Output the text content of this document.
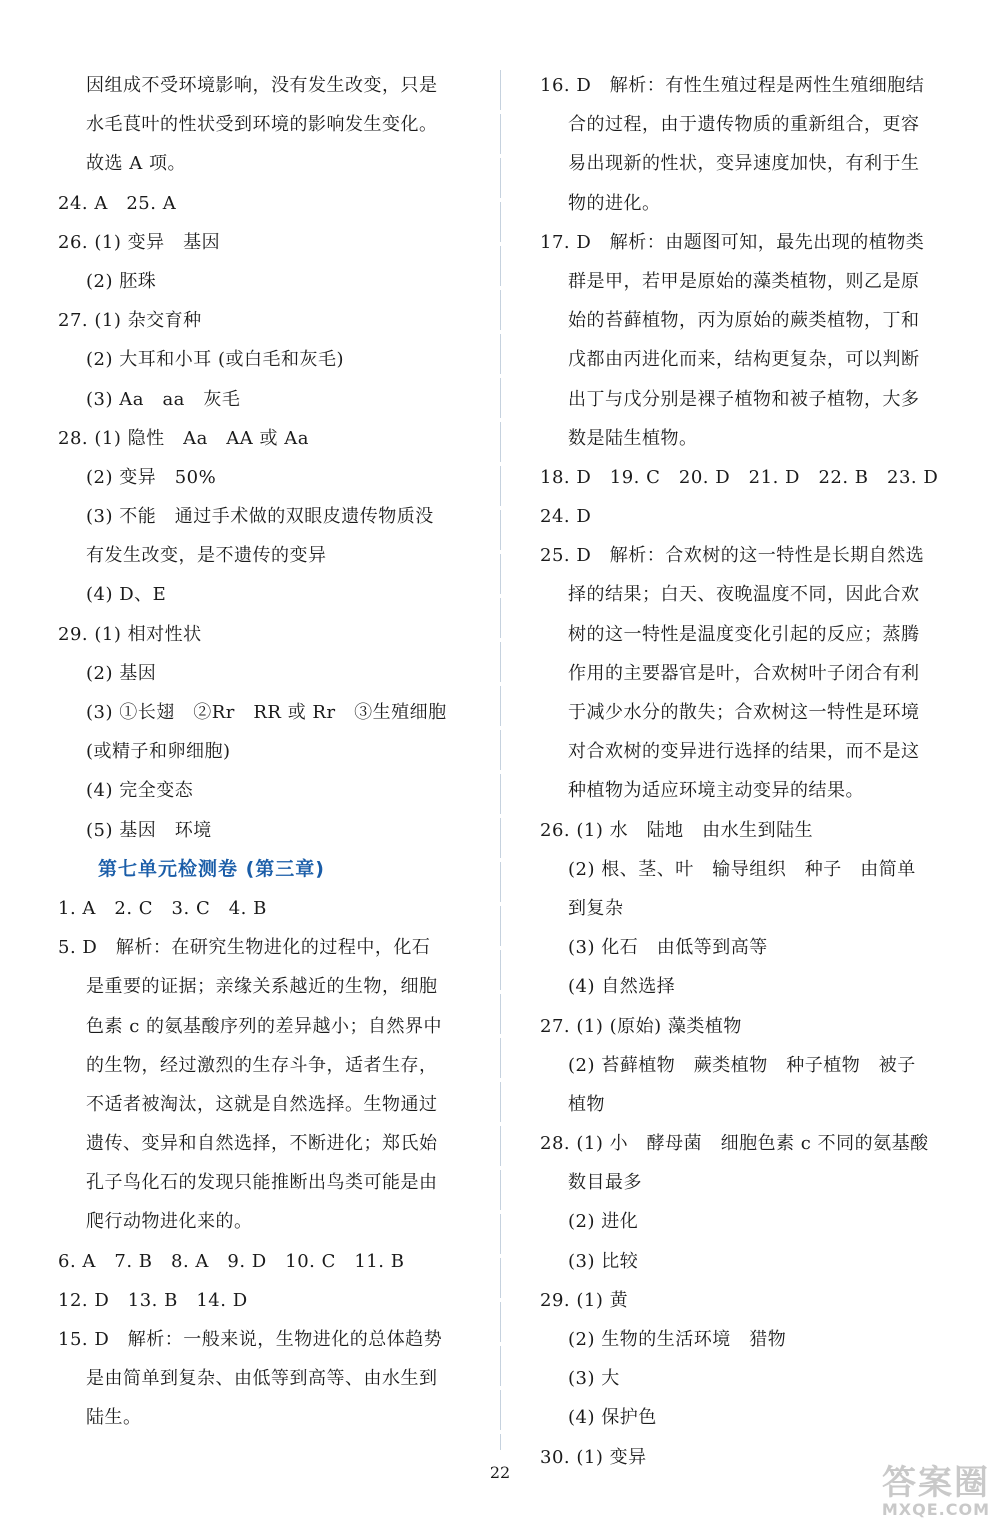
因组成不受环境影响，没有发生改变，只是
水毛茛叶的性状受到环境的影响发生变化。
故选 A 项。
24. A　25. A
26. (1) 变异　基因
(2) 胚珠
27. (1) 杂交育种
(2) 大耳和小耳 (或白毛和灰毛)
(3) Aa　aa　灰毛
28. (1) 隐性　Aa　AA 或 Aa
(2) 变异　50%
(3) 不能　通过手术做的双眼皮遗传物质没
有发生改变，是不遗传的变异
(4) D、E
29. (1) 相对性状
(2) 基因
(3) ①长翅　②Rr　RR 或 Rr　③生殖细胞
(或精子和卵细胞)
(4) 完全变态
(5) 基因　环境
第七单元检测卷 (第三章)
1. A　2. C　3. C　4. B
5. D　解析：在研究生物进化的过程中，化石
是重要的证据；亲缘关系越近的生物，细胞
色素 c 的氨基酸序列的差异越小；自然界中
的生物，经过激烈的生存斗争，适者生存，
不适者被淘汰，这就是自然选择。生物通过
遗传、变异和自然选择，不断进化；郑氏始
孔子鸟化石的发现只能推断出鸟类可能是由
爬行动物进化来的。
6. A　7. B　8. A　9. D　10. C　11. B
12. D　13. B　14. D
15. D　解析：一般来说，生物进化的总体趋势
是由简单到复杂、由低等到高等、由水生到
陆生。
16. D　解析：有性生殖过程是两性生殖细胞结
合的过程，由于遗传物质的重新组合，更容
易出现新的性状，变异速度加快，有利于生
物的进化。
17. D　解析：由题图可知，最先出现的植物类
群是甲，若甲是原始的藻类植物，则乙是原
始的苔藓植物，丙为原始的蕨类植物，丁和
戊都由丙进化而来，结构更复杂，可以判断
出丁与戊分别是裸子植物和被子植物，大多
数是陆生植物。
18. D　19. C　20. D　21. D　22. B　23. D
24. D
25. D　解析：合欢树的这一特性是长期自然选
择的结果；白天、夜晚温度不同，因此合欢
树的这一特性是温度变化引起的反应；蒸腾
作用的主要器官是叶，合欢树叶子闭合有利
于减少水分的散失；合欢树这一特性是环境
对合欢树的变异进行选择的结果，而不是这
种植物为适应环境主动变异的结果。
26. (1) 水　陆地　由水生到陆生
(2) 根、茎、叶　输导组织　种子　由简单
到复杂
(3) 化石　由低等到高等
(4) 自然选择
27. (1) (原始) 藻类植物
(2) 苔藓植物　蕨类植物　种子植物　被子
植物
28. (1) 小　酵母菌　细胞色素 c 不同的氨基酸
数目最多
(2) 进化
(3) 比较
29. (1) 黄
(2) 生物的生活环境　猎物
(3) 大
(4) 保护色
30. (1) 变异
22	答案圈
MXQE.COM
